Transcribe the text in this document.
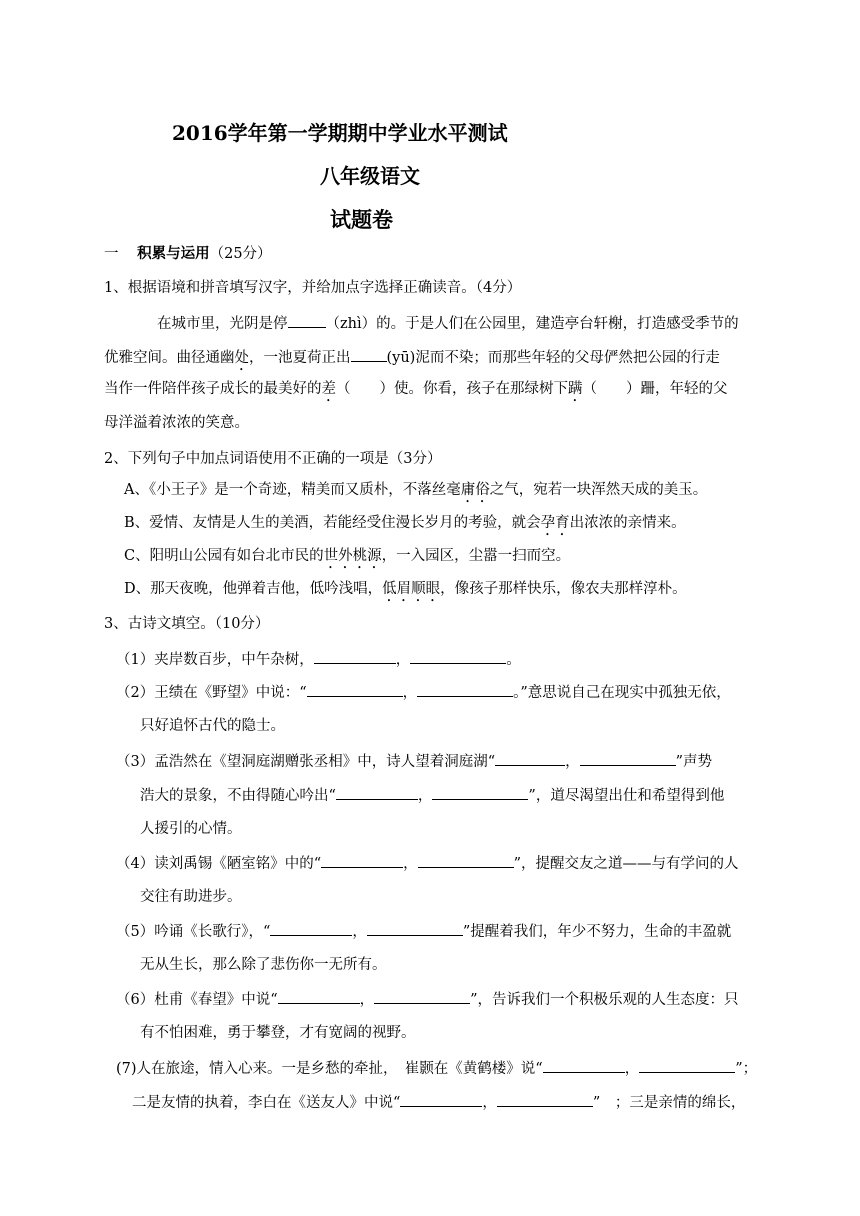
2016学年第一学期期中学业水平测试
八年级语文
试题卷
一 积累与运用（25分）
1、根据语境和拼音填写汉字，并给加点字选择正确读音。（4分）
在城市里，光阴是停	（zhì）的。于是人们在公园里，建造亭台轩榭，打造感受季节的
优雅空间。曲径通幽处，一池夏荷正出 (yū)泥而不染；而那些年轻的父母俨然把公园的行走
当作一件陪伴孩子成长的最美好的差（　　）使。你看，孩子在那绿树下蹒（　　）跚，年轻的父
母洋溢着浓浓的笑意。
2、下列句子中加点词语使用不正确的一项是（3分）
A、《小王子》是一个奇迹，精美而又质朴，不落丝毫庸俗之气，宛若一块浑然天成的美玉。
B、爱情、友情是人生的美酒，若能经受住漫长岁月的考验，就会孕育出浓浓的亲情来。
C、阳明山公园有如台北市民的世外桃源，一入园区，尘嚣一扫而空。
D、那天夜晚，他弹着吉他，低吟浅唱，低眉顺眼，像孩子那样快乐，像农夫那样淳朴。
3、古诗文填空。（10分）
（1）夹岸数百步，中午杂树，	，	。
（2）王绩在《野望》中说：“	，	。”意思说自己在现实中孤独无依，
只好追怀古代的隐士。
（3）孟浩然在《望洞庭湖赠张丞相》中，诗人望着洞庭湖“	，	”声势
浩大的景象，不由得随心吟出“	，	”，道尽渴望出仕和希望得到他
人援引的心情。
（4）读刘禹锡《陋室铭》中的“	，	”，提醒交友之道——与有学问的人
交往有助进步。
（5）吟诵《长歌行》，“	，	”提醒着我们，年少不努力，生命的丰盈就
无从生长，那么除了悲伤你一无所有。
（6）杜甫《春望》中说“	，	”，告诉我们一个积极乐观的人生态度：只
有不怕困难，勇于攀登，才有宽阔的视野。
(7)人在旅途，情入心来。一是乡愁的牵扯，　崔颢在《黄鹤楼》说“	，	”；
二是友情的执着，李白在《送友人》中说“	，	”　；三是亲情的绵长，
